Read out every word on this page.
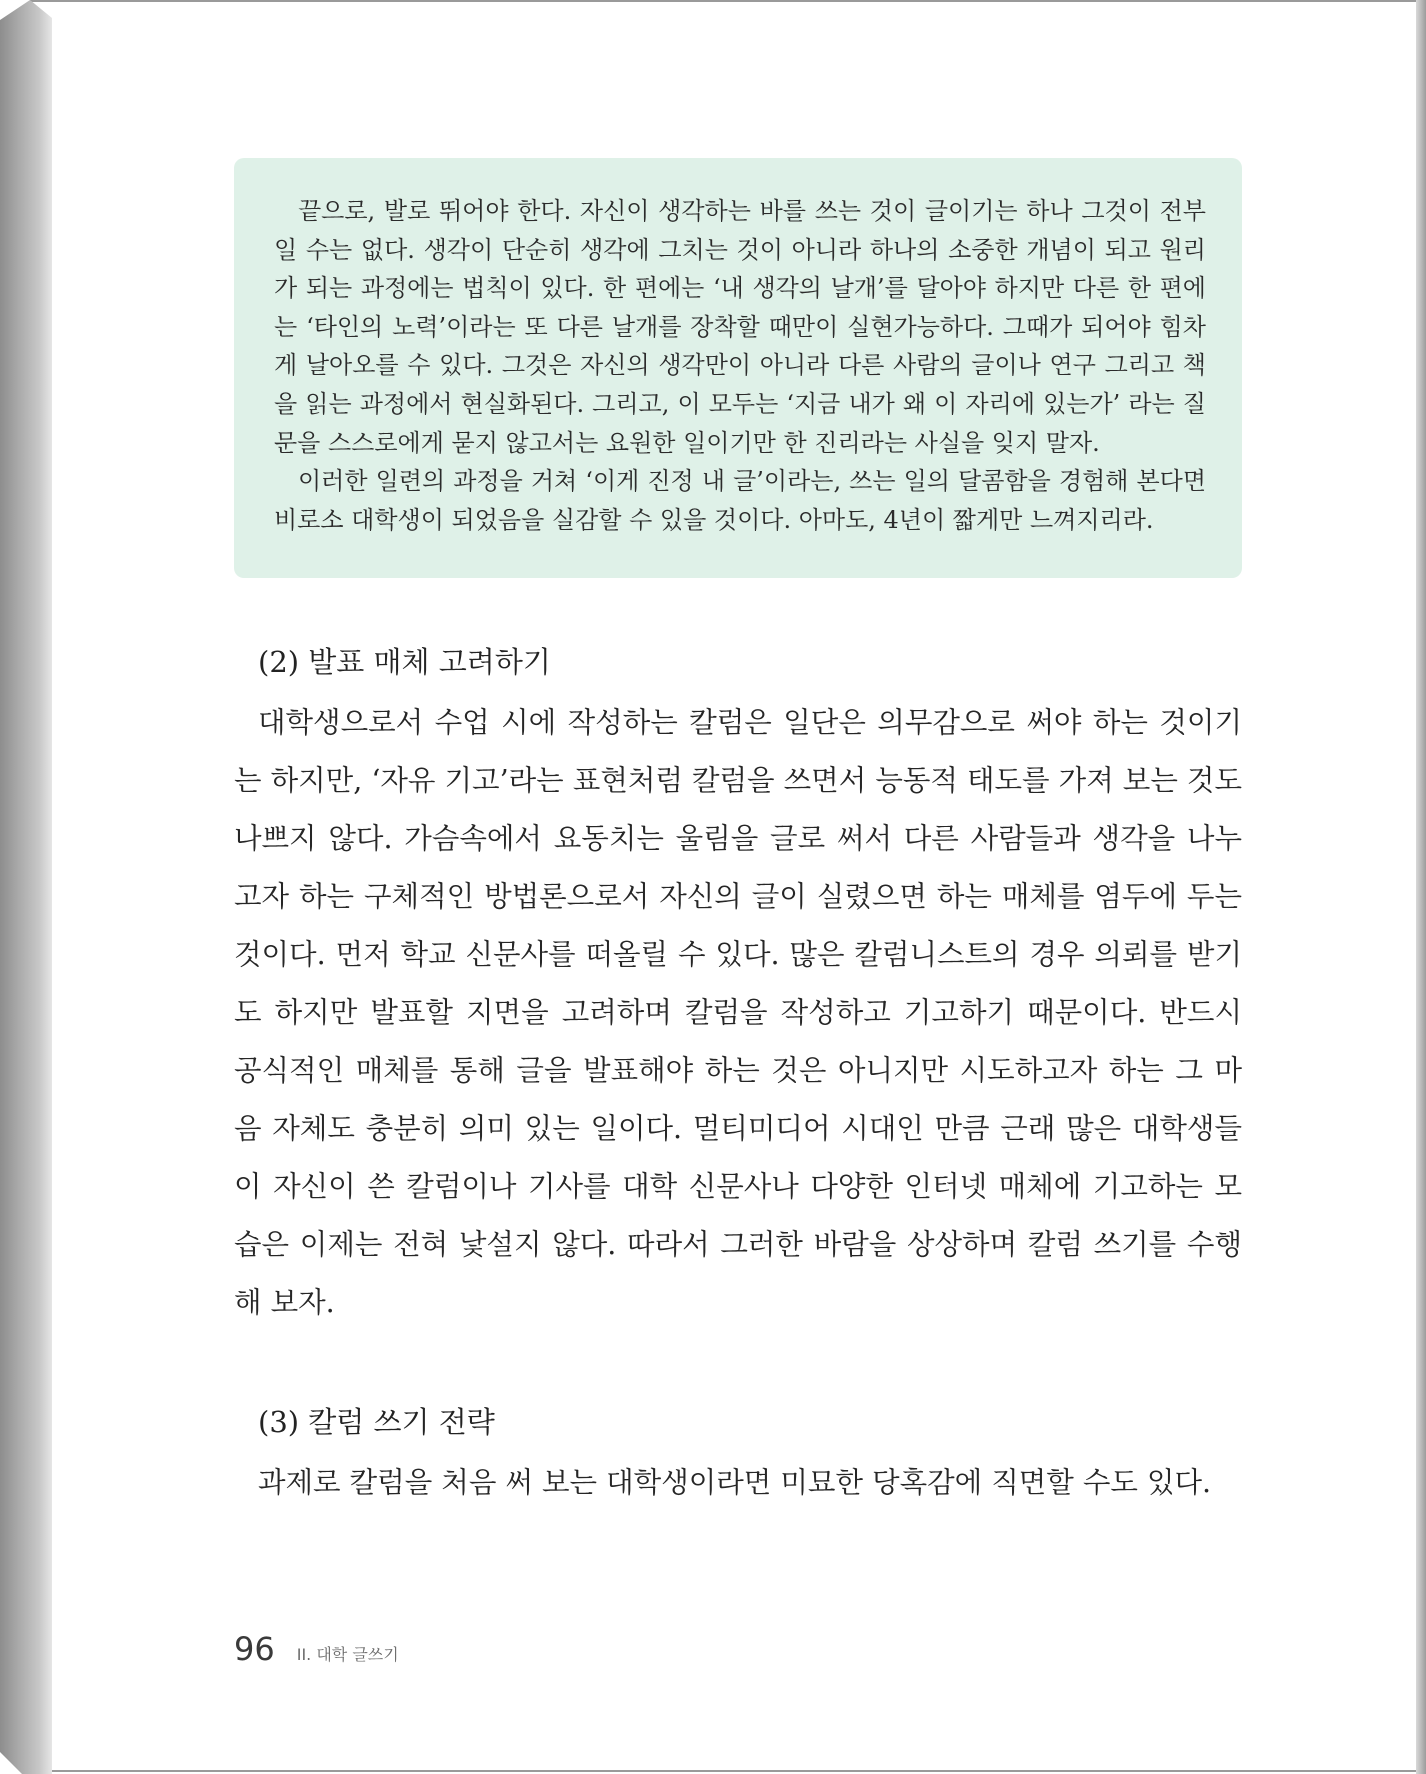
끝으로, 발로 뛰어야 한다. 자신이 생각하는 바를 쓰는 것이 글이기는 하나 그것이 전부일 수는 없다. 생각이 단순히 생각에 그치는 것이 아니라 하나의 소중한 개념이 되고 원리가 되는 과정에는 법칙이 있다. 한 편에는 ‘내 생각의 날개’를 달아야 하지만 다른 한 편에는 ‘타인의 노력’이라는 또 다른 날개를 장착할 때만이 실현가능하다. 그때가 되어야 힘차게 날아오를 수 있다. 그것은 자신의 생각만이 아니라 다른 사람의 글이나 연구 그리고 책을 읽는 과정에서 현실화된다. 그리고, 이 모두는 ‘지금 내가 왜 이 자리에 있는가’ 라는 질문을 스스로에게 묻지 않고서는 요원한 일이기만 한 진리라는 사실을 잊지 말자.

이러한 일련의 과정을 거쳐 ‘이게 진정 내 글’이라는, 쓰는 일의 달콤함을 경험해 본다면 비로소 대학생이 되었음을 실감할 수 있을 것이다. 아마도, 4년이 짧게만 느껴지리라.

(2) 발표 매체 고려하기

대학생으로서 수업 시에 작성하는 칼럼은 일단은 의무감으로 써야 하는 것이기는 하지만, ‘자유 기고’라는 표현처럼 칼럼을 쓰면서 능동적 태도를 가져 보는 것도 나쁘지 않다. 가슴속에서 요동치는 울림을 글로 써서 다른 사람들과 생각을 나누고자 하는 구체적인 방법론으로서 자신의 글이 실렸으면 하는 매체를 염두에 두는 것이다. 먼저 학교 신문사를 떠올릴 수 있다. 많은 칼럼니스트의 경우 의뢰를 받기도 하지만 발표할 지면을 고려하며 칼럼을 작성하고 기고하기 때문이다. 반드시 공식적인 매체를 통해 글을 발표해야 하는 것은 아니지만 시도하고자 하는 그 마음 자체도 충분히 의미 있는 일이다. 멀티미디어 시대인 만큼 근래 많은 대학생들이 자신이 쓴 칼럼이나 기사를 대학 신문사나 다양한 인터넷 매체에 기고하는 모습은 이제는 전혀 낯설지 않다. 따라서 그러한 바람을 상상하며 칼럼 쓰기를 수행해 보자.

(3) 칼럼 쓰기 전략

과제로 칼럼을 처음 써 보는 대학생이라면 미묘한 당혹감에 직면할 수도 있다.

96 II. 대학 글쓰기
